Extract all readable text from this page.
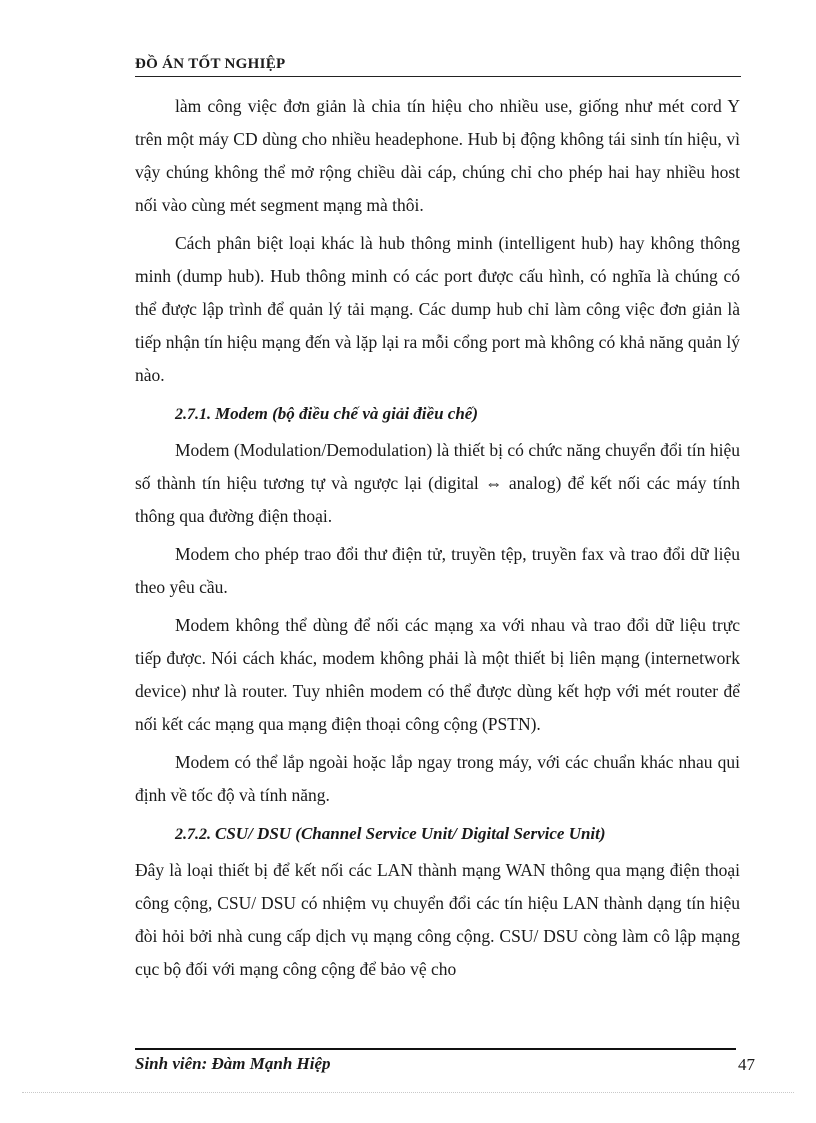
ĐỒ ÁN TỐT NGHIỆP

làm công việc đơn giản là chia tín hiệu cho nhiều use, giống như mét cord Y trên một máy CD dùng cho nhiều headephone. Hub bị động không tái sinh tín hiệu, vì vậy chúng không thể mở rộng chiều dài cáp, chúng chỉ cho phép hai hay nhiều host nối vào cùng mét segment mạng mà thôi.

Cách phân biệt loại khác là hub thông minh (intelligent hub) hay không thông minh (dump hub). Hub thông minh có các port được cấu hình, có nghĩa là chúng có thể được lập trình để quản lý tải mạng. Các dump hub chỉ làm công việc đơn giản là tiếp nhận tín hiệu mạng đến và lặp lại ra mỗi cổng port mà không có khả năng quản lý nào.

2.7.1. Modem (bộ điều chế và giải điều chế)

Modem (Modulation/Demodulation) là thiết bị có chức năng chuyển đổi tín hiệu số thành tín hiệu tương tự và ngược lại (digital ⇔ analog) để kết nối các máy tính thông qua đường điện thoại.

Modem cho phép trao đổi thư điện tử, truyền tệp, truyền fax và trao đổi dữ liệu theo yêu cầu.

Modem không thể dùng để nối các mạng xa với nhau và trao đổi dữ liệu trực tiếp được. Nói cách khác, modem không phải là một thiết bị liên mạng (internetwork device) như là router. Tuy nhiên modem có thể được dùng kết hợp với mét router để nối kết các mạng qua mạng điện thoại công cộng (PSTN).

Modem có thể lắp ngoài hoặc lắp ngay trong máy, với các chuẩn khác nhau qui định về tốc độ và tính năng.

2.7.2. CSU/ DSU (Channel Service Unit/ Digital Service Unit)

Đây là loại thiết bị để kết nối các LAN thành mạng WAN thông qua mạng điện thoại công cộng, CSU/ DSU có nhiệm vụ chuyển đổi các tín hiệu LAN thành dạng tín hiệu đòi hỏi bởi nhà cung cấp dịch vụ mạng công cộng. CSU/ DSU còng làm cô lập mạng cục bộ đối với mạng công cộng để bảo vệ cho

Sinh viên: Đàm Mạnh Hiệp	47
